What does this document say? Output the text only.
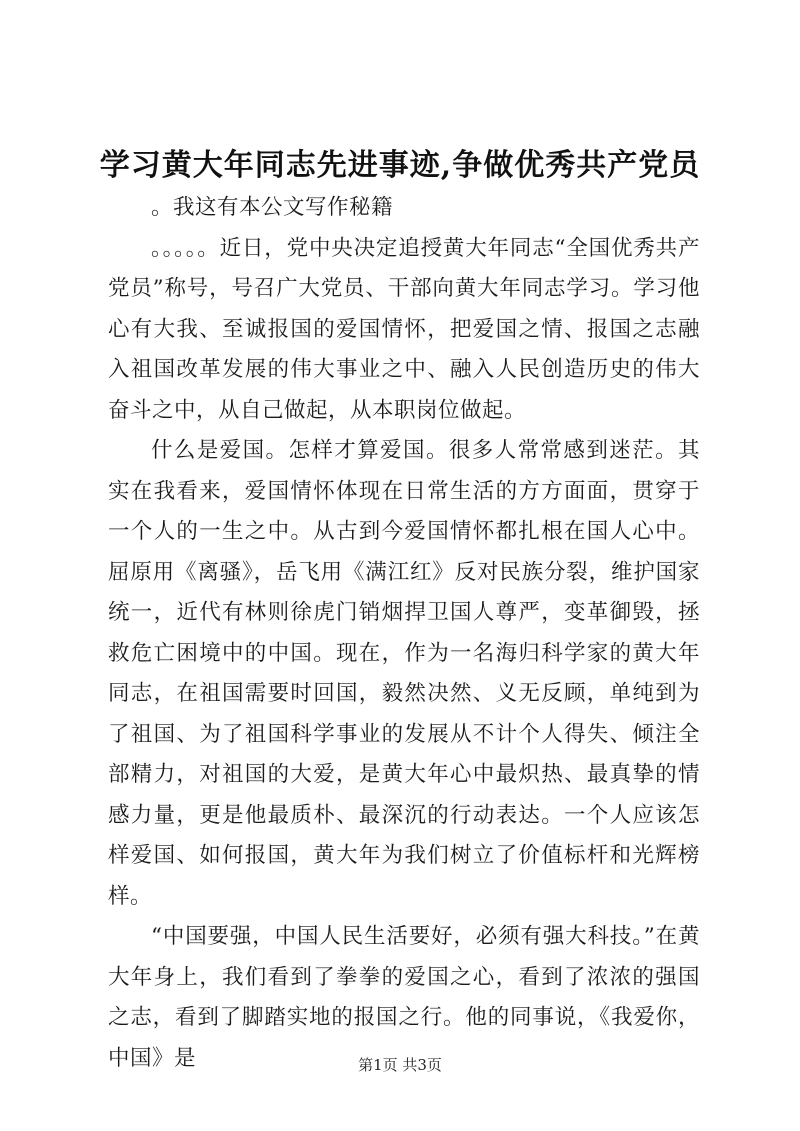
学习黄大年同志先进事迹,争做优秀共产党员

。我这有本公文写作秘籍

。。。。。近日，党中央决定追授黄大年同志“全国优秀共产党员”称号，号召广大党员、干部向黄大年同志学习。学习他心有大我、至诚报国的爱国情怀，把爱国之情、报国之志融入祖国改革发展的伟大事业之中、融入人民创造历史的伟大奋斗之中，从自己做起，从本职岗位做起。

什么是爱国。怎样才算爱国。很多人常常感到迷茫。其实在我看来，爱国情怀体现在日常生活的方方面面，贯穿于一个人的一生之中。从古到今爱国情怀都扎根在国人心中。屈原用《离骚》，岳飞用《满江红》反对民族分裂，维护国家统一，近代有林则徐虎门销烟捍卫国人尊严，变革御毁，拯救危亡困境中的中国。现在，作为一名海归科学家的黄大年同志，在祖国需要时回国，毅然决然、义无反顾，单纯到为了祖国、为了祖国科学事业的发展从不计个人得失、倾注全部精力，对祖国的大爱，是黄大年心中最炽热、最真挚的情感力量，更是他最质朴、最深沉的行动表达。一个人应该怎样爱国、如何报国，黄大年为我们树立了价值标杆和光辉榜样。

“中国要强，中国人民生活要好，必须有强大科技。”在黄大年身上，我们看到了拳拳的爱国之心，看到了浓浓的强国之志，看到了脚踏实地的报国之行。他的同事说，《我爱你，中国》是	第1页 共3页
